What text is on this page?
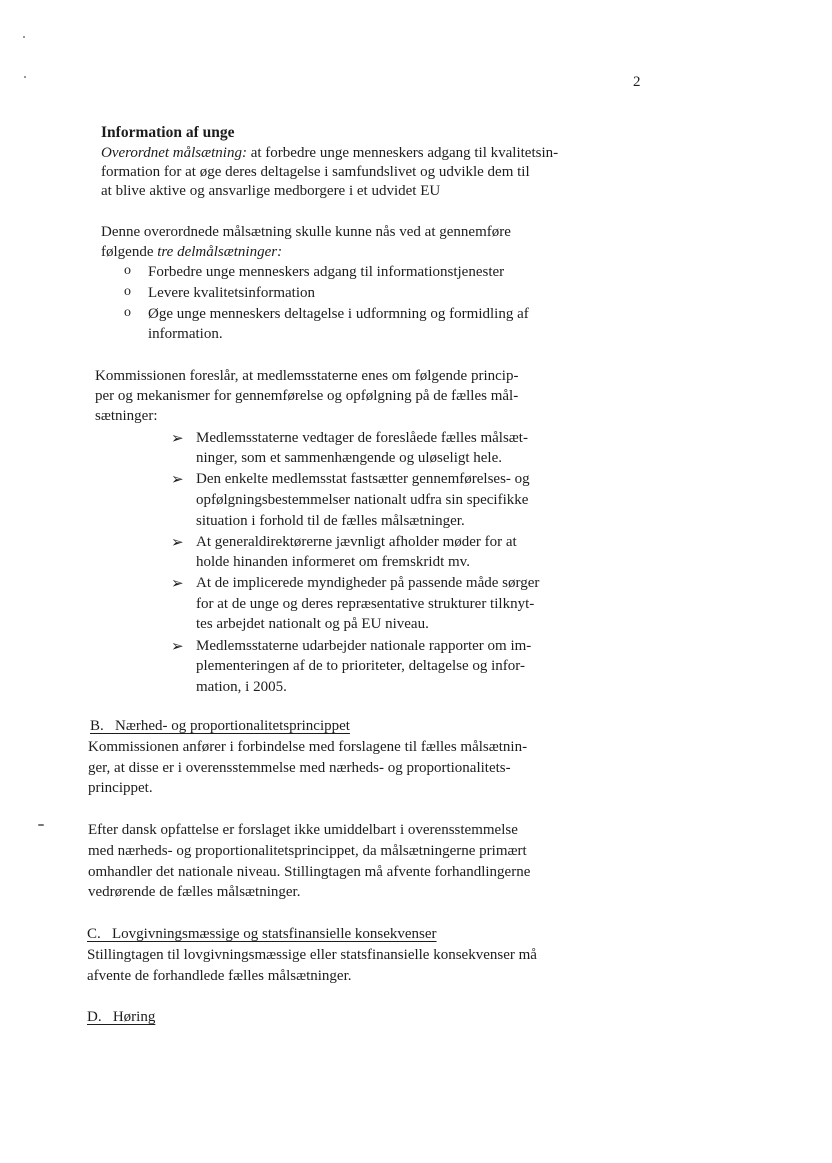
2
Information af unge
Overordnet målsætning: at forbedre unge menneskers adgang til kvalitetsin-
formation for at øge deres deltagelse i samfundslivet og udvikle dem til
at blive aktive og ansvarlige medborgere i et udvidet EU
Denne overordnede målsætning skulle kunne nås ved at gennemføre
følgende tre delmålsætninger:
o Forbedre unge menneskers adgang til informationstjenester
o Levere kvalitetsinformation
o Øge unge menneskers deltagelse i udformning og formidling af
information.
Kommissionen foreslår, at medlemsstaterne enes om følgende princip-
per og mekanismer for gennemførelse og opfølgning på de fælles mål-
sætninger:
➢ Medlemsstaterne vedtager de foreslåede fælles målsæt-
ninger, som et sammenhængende og uløseligt hele.
➢ Den enkelte medlemsstat fastsætter gennemførelses- og
opfølgningsbestemmelser nationalt udfra sin specifikke
situation i forhold til de fælles målsætninger.
➢ At generaldirektørerne jævnligt afholder møder for at
holde hinanden informeret om fremskridt mv.
➢ At de implicerede myndigheder på passende måde sørger
for at de unge og deres repræsentative strukturer tilknyt-
tes arbejdet nationalt og på EU niveau.
➢ Medlemsstaterne udarbejder nationale rapporter om im-
plementeringen af de to prioriteter, deltagelse og infor-
mation, i 2005.
B.   Nærhed- og proportionalitetsprincippet
Kommissionen anfører i forbindelse med forslagene til fælles målsætnin-
ger, at disse er i overensstemmelse med nærheds- og proportionalitets-
princippet.
Efter dansk opfattelse er forslaget ikke umiddelbart i overensstemmelse
med nærheds- og proportionalitetsprincippet, da målsætningerne primært
omhandler det nationale niveau. Stillingtagen må afvente forhandlingerne
vedrørende de fælles målsætninger.
C.   Lovgivningsmæssige og statsfinansielle konsekvenser
Stillingtagen til lovgivningsmæssige eller statsfinansielle konsekvenser må
afvente de forhandlede fælles målsætninger.
D.   Høring
